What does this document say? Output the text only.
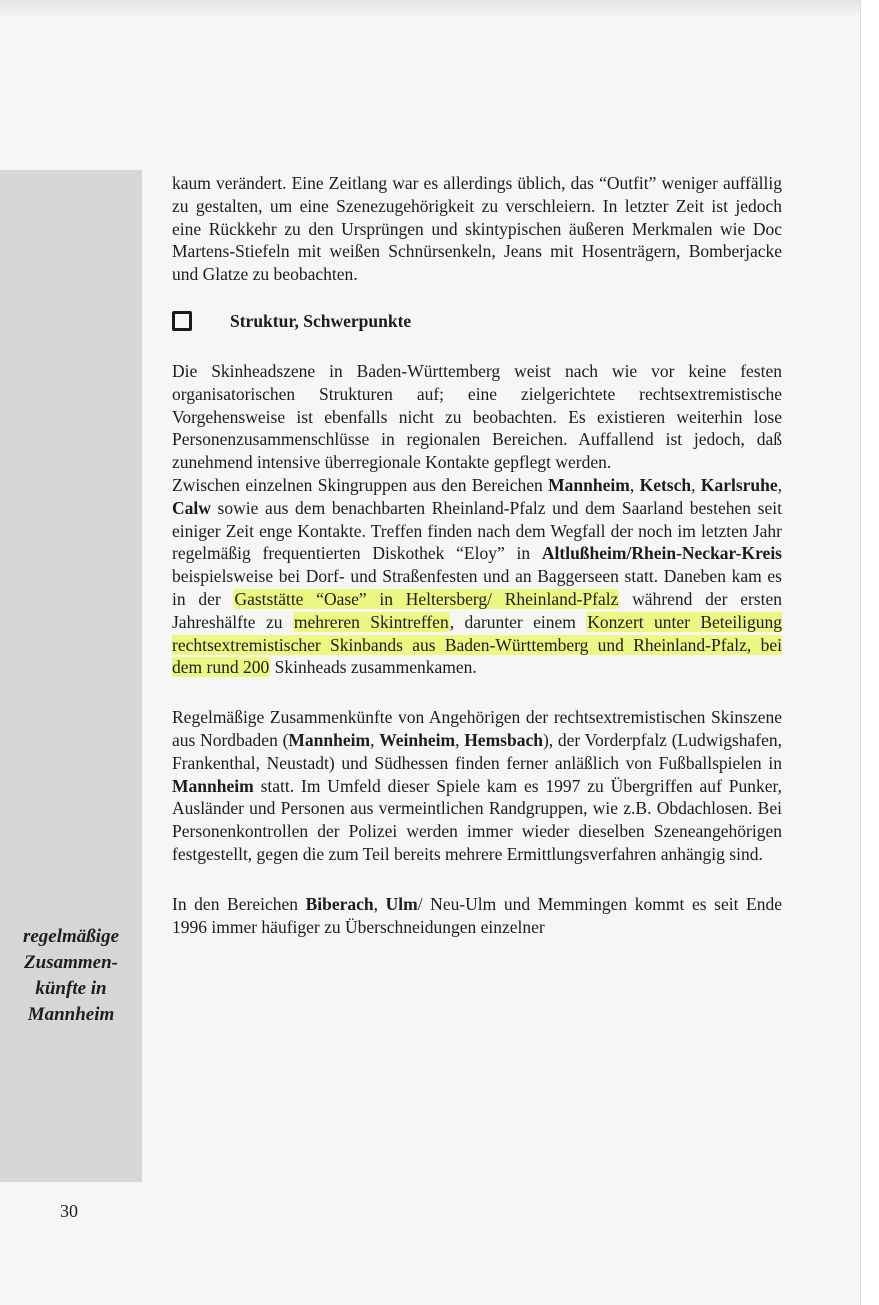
regelmäßige
Zusammen-
künfte in
Mannheim

kaum verändert. Eine Zeitlang war es allerdings üblich, das “Outfit” weniger auffällig zu gestalten, um eine Szenezugehörigkeit zu verschleiern. In letzter Zeit ist jedoch eine Rückkehr zu den Ursprüngen und skintypischen äußeren Merkmalen wie Doc Martens-Stiefeln mit weißen Schnürsenkeln, Jeans mit Hosenträgern, Bomberjacke und Glatze zu beobachten.

Struktur, Schwerpunkte

Die Skinheadszene in Baden-Württemberg weist nach wie vor keine festen organisatorischen Strukturen auf; eine zielgerichtete rechtsextremistische Vorgehensweise ist ebenfalls nicht zu beobachten. Es existieren weiterhin lose Personenzusammenschlüsse in regionalen Bereichen. Auffallend ist jedoch, daß zunehmend intensive überregionale Kontakte gepflegt werden.

Zwischen einzelnen Skingruppen aus den Bereichen Mannheim, Ketsch, Karlsruhe, Calw sowie aus dem benachbarten Rheinland-Pfalz und dem Saarland bestehen seit einiger Zeit enge Kontakte. Treffen finden nach dem Wegfall der noch im letzten Jahr regelmäßig frequentierten Diskothek “Eloy” in Altlußheim/Rhein-Neckar-Kreis beispielsweise bei Dorf- und Straßenfesten und an Baggerseen statt. Daneben kam es in der Gaststätte “Oase” in Heltersberg/ Rheinland-Pfalz während der ersten Jahreshälfte zu mehreren Skintreffen, darunter einem Konzert unter Beteiligung rechtsextremistischer Skinbands aus Baden-Württemberg und Rheinland-Pfalz, bei dem rund 200 Skinheads zusammenkamen.

Regelmäßige Zusammenkünfte von Angehörigen der rechtsextremistischen Skinszene aus Nordbaden (Mannheim, Weinheim, Hemsbach), der Vorderpfalz (Ludwigshafen, Frankenthal, Neustadt) und Südhessen finden ferner anläßlich von Fußballspielen in Mannheim statt. Im Umfeld dieser Spiele kam es 1997 zu Übergriffen auf Punker, Ausländer und Personen aus vermeintlichen Randgruppen, wie z.B. Obdachlosen. Bei Personenkontrollen der Polizei werden immer wieder dieselben Szeneangehörigen festgestellt, gegen die zum Teil bereits mehrere Ermittlungsverfahren anhängig sind.

In den Bereichen Biberach, Ulm/ Neu-Ulm und Memmingen kommt es seit Ende 1996 immer häufiger zu Überschneidungen einzelner

30
